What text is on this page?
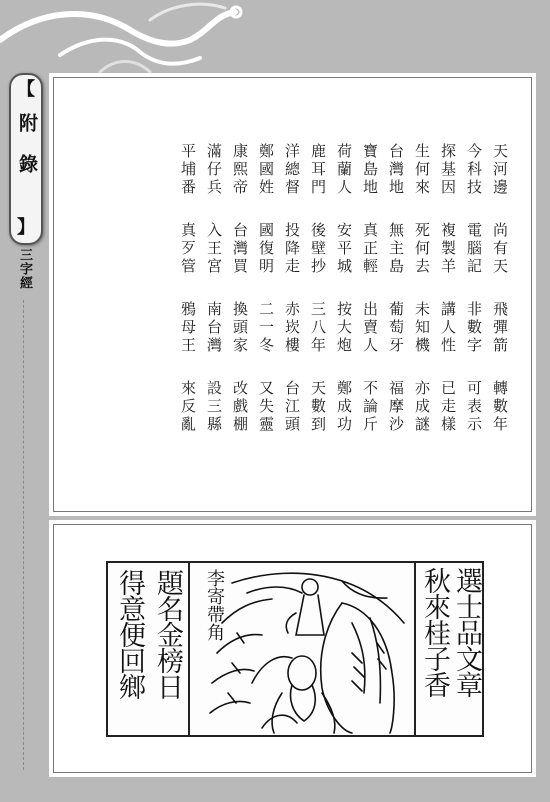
【
附錄
】
三字經
天河邊尚有天飛彈箭轉數年
今科技電腦記非數字可表示
探基因複製羊講人性已走樣
生何來死何去未知機亦成謎
台灣地無主島葡萄牙福摩沙
寶島地真正輕出賣人不論斤
荷蘭人安平城按大炮鄭成功
鹿耳門後壁抄三八年天數到
洋總督投降走赤崁樓台江頭
鄭國姓國復明二一冬又失靈
康熙帝台灣買換頭家改戲棚
滿仔兵入王宮南台灣設三縣
平埔番真歹管鴉母王來反亂
選士品文章
秋來桂子香
題名金榜日
得意便回鄉	李寄帶角
